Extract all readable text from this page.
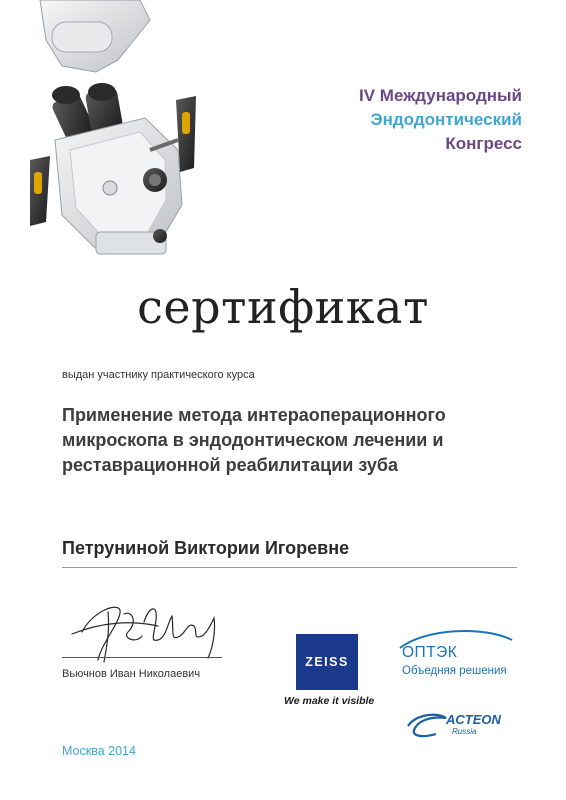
IV Международный
Эндодонтический
Конгресс
сертификат
выдан участнику практического курса
Применение метода интераоперационного
микроскопа в эндодонтическом лечении и
реставрационной реабилитации зуба
Петруниной Виктории Игоревне
Вьючнов Иван Николаевич
Москва 2014
ZEISS
We make it visible
ОПТЭК
Объедняя решения
ACTEON
Russia
